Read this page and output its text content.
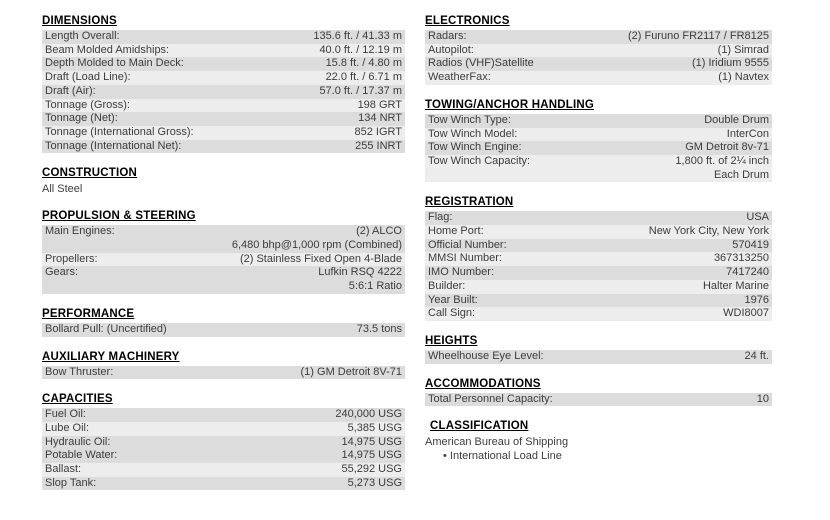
DIMENSIONS
Length Overall:	135.6 ft. / 41.33 m
Beam Molded Amidships:	40.0 ft. / 12.19 m
Depth Molded to Main Deck:	15.8 ft. / 4.80 m
Draft (Load Line):	22.0 ft. / 6.71 m
Draft (Air):	57.0 ft. / 17.37 m
Tonnage (Gross):	198 GRT
Tonnage (Net):	134 NRT
Tonnage (International Gross):	852 IGRT
Tonnage (International Net):	255 INRT
CONSTRUCTION
All Steel
PROPULSION & STEERING
Main Engines:	(2) ALCO
6,480 bhp@1,000 rpm (Combined)
Propellers:	(2) Stainless Fixed Open 4-Blade
Gears:	Lufkin RSQ 4222
5:6:1 Ratio
PERFORMANCE
Bollard Pull: (Uncertified)	73.5 tons
AUXILIARY MACHINERY
Bow Thruster:	(1) GM Detroit 8V-71
CAPACITIES
Fuel Oil:	240,000 USG
Lube Oil:	5,385 USG
Hydraulic Oil:	14,975 USG
Potable Water:	14,975 USG
Ballast:	55,292 USG
Slop Tank:	5,273 USG
ELECTRONICS
Radars:	(2) Furuno FR2117 / FR8125
Autopilot:	(1) Simrad
Radios (VHF)Satellite	(1) Iridium 9555
WeatherFax:	(1) Navtex
TOWING/ANCHOR HANDLING
Tow Winch Type:	Double Drum
Tow Winch Model:	InterCon
Tow Winch Engine:	GM Detroit 8v-71
Tow Winch Capacity:	1,800 ft. of 2¼ inch
Each Drum
REGISTRATION
Flag:	USA
Home Port:	New York City, New York
Official Number:	570419
MMSI Number:	367313250
IMO Number:	7417240
Builder:	Halter Marine
Year Built:	1976
Call Sign:	WDI8007
HEIGHTS
Wheelhouse Eye Level:	24 ft.
ACCOMMODATIONS
Total Personnel Capacity:	10
CLASSIFICATION
American Bureau of Shipping
• International Load Line
